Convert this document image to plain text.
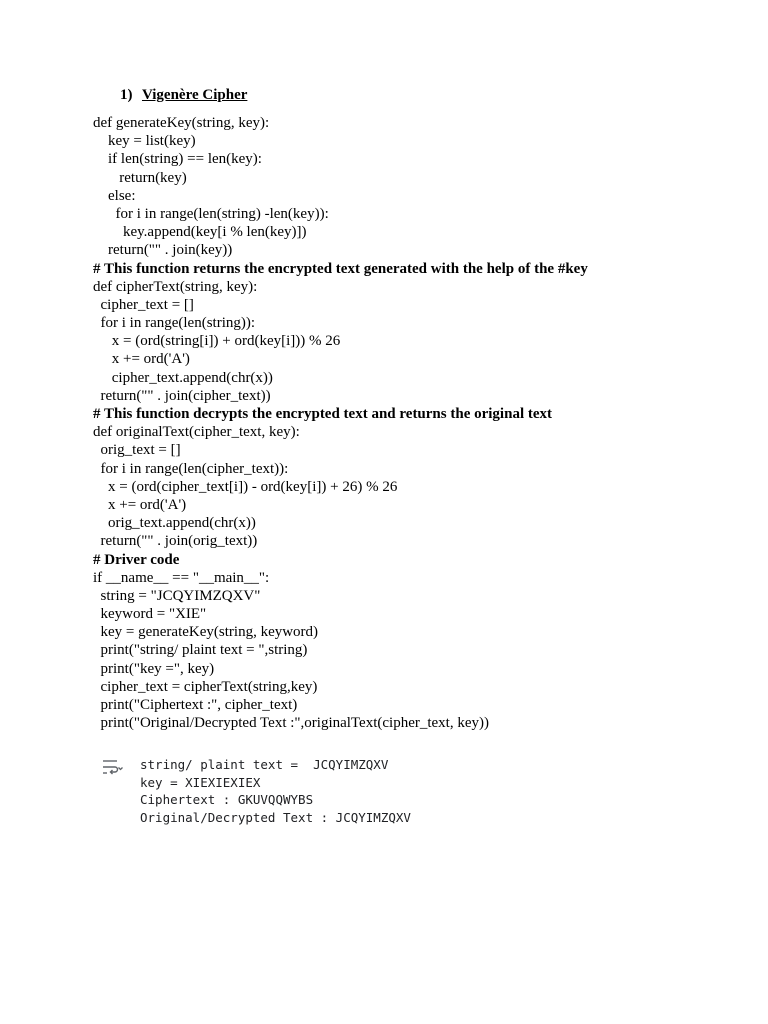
1) Vigenère Cipher
def generateKey(string, key):
key = list(key)
if len(string) == len(key):
return(key)
else:
for i in range(len(string) -len(key)):
key.append(key[i % len(key)])
return("" . join(key))
# This function returns the encrypted text generated with the help of the #key
def cipherText(string, key):
cipher_text = []
for i in range(len(string)):
x = (ord(string[i]) + ord(key[i])) % 26
x += ord('A')
cipher_text.append(chr(x))
return("" . join(cipher_text))
# This function decrypts the encrypted text and returns the original text
def originalText(cipher_text, key):
orig_text = []
for i in range(len(cipher_text)):
x = (ord(cipher_text[i]) - ord(key[i]) + 26) % 26
x += ord('A')
orig_text.append(chr(x))
return("" . join(orig_text))
# Driver code
if __name__ == "__main__":
string = "JCQYIMZQXV"
keyword = "XIE"
key = generateKey(string, keyword)
print("string/ plaint text = ",string)
print("key =", key)
cipher_text = cipherText(string,key)
print("Ciphertext :", cipher_text)
print("Original/Decrypted Text :",originalText(cipher_text, key))
string/ plaint text =  JCQYIMZQXV
key = XIEXIEXIEX
Ciphertext : GKUVQQWYBS
Original/Decrypted Text : JCQYIMZQXV
